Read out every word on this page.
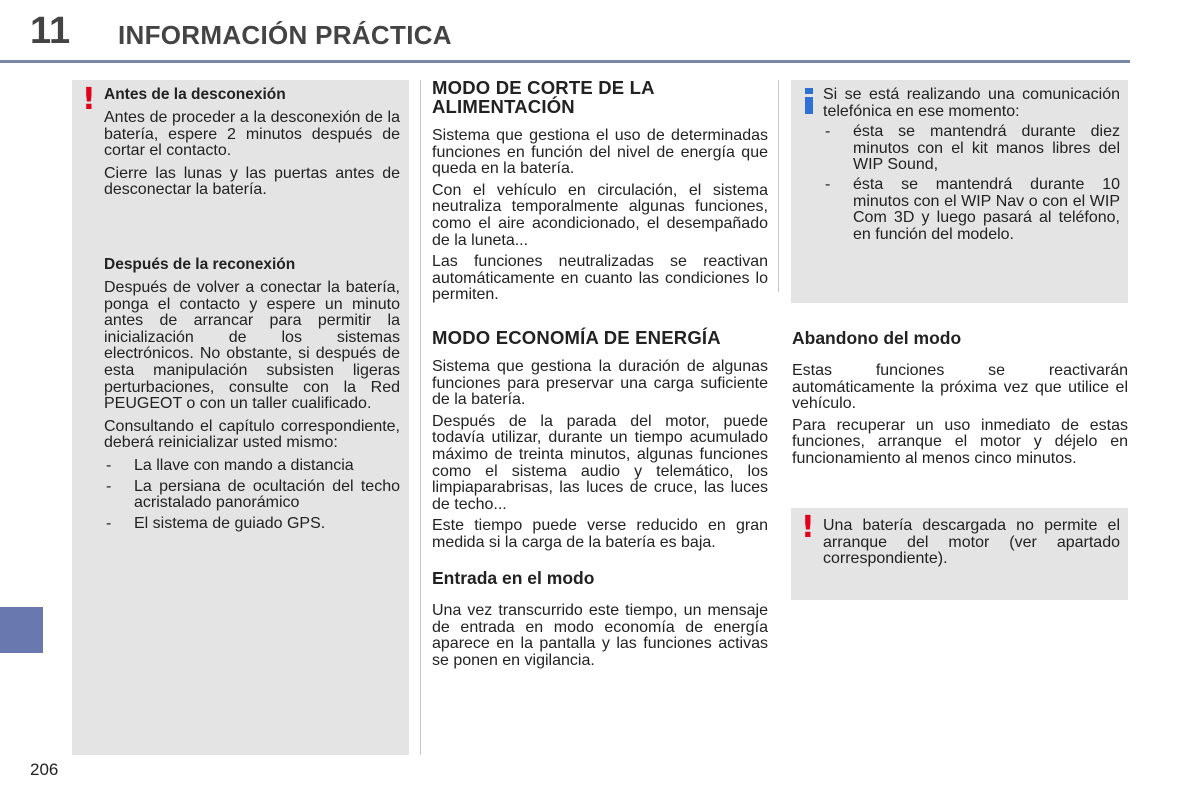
11 INFORMACIÓN PRÁCTICA
206
! Antes de la desconexión

Antes de proceder a la desconexión de la batería, espere 2 minutos después de cortar el contacto.

Cierre las lunas y las puertas antes de desconectar la batería.

Después de la reconexión

Después de volver a conectar la batería, ponga el contacto y espere un minuto antes de arrancar para permitir la inicialización de los sistemas electrónicos. No obstante, si después de esta manipulación subsisten ligeras perturbaciones, consulte con la Red PEUGEOT o con un taller cualificado.

Consultando el capítulo correspondiente, deberá reinicializar usted mismo:

- La llave con mando a distancia
- La persiana de ocultación del techo acristalado panorámico
- El sistema de guiado GPS.

MODO DE CORTE DE LA ALIMENTACIÓN

Sistema que gestiona el uso de determinadas funciones en función del nivel de energía que queda en la batería.

Con el vehículo en circulación, el sistema neutraliza temporalmente algunas funciones, como el aire acondicionado, el desempañado de la luneta...

Las funciones neutralizadas se reactivan automáticamente en cuanto las condiciones lo permiten.

MODO ECONOMÍA DE ENERGÍA

Sistema que gestiona la duración de algunas funciones para preservar una carga suficiente de la batería.

Después de la parada del motor, puede todavía utilizar, durante un tiempo acumulado máximo de treinta minutos, algunas funciones como el sistema audio y telemático, los limpiaparabrisas, las luces de cruce, las luces de techo...

Este tiempo puede verse reducido en gran medida si la carga de la batería es baja.

Entrada en el modo

Una vez transcurrido este tiempo, un mensaje de entrada en modo economía de energía aparece en la pantalla y las funciones activas se ponen en vigilancia.

Si se está realizando una comunicación telefónica en ese momento:

- ésta se mantendrá durante diez minutos con el kit manos libres del WIP Sound,
- ésta se mantendrá durante 10 minutos con el WIP Nav o con el WIP Com 3D y luego pasará al teléfono, en función del modelo.

Abandono del modo

Estas funciones se reactivarán automáticamente la próxima vez que utilice el vehículo.

Para recuperar un uso inmediato de estas funciones, arranque el motor y déjelo en funcionamiento al menos cinco minutos.

! Una batería descargada no permite el arranque del motor (ver apartado correspondiente).
